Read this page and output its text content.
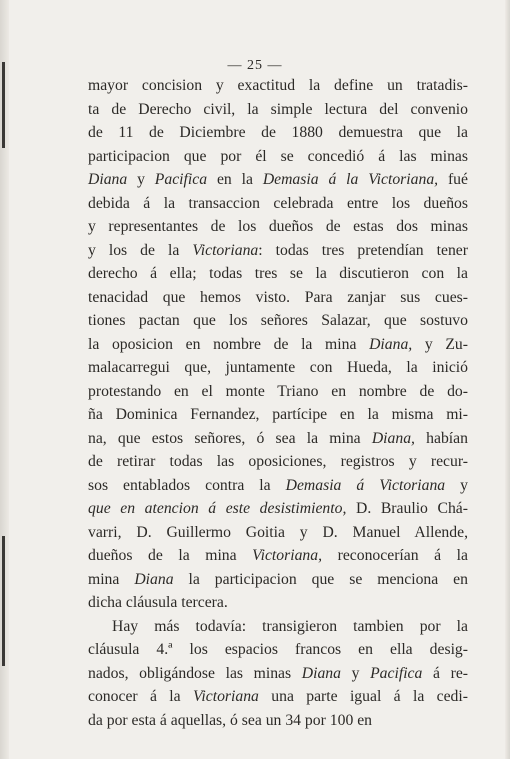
— 25 —
mayor concision y exactitud la define un tratadis-
ta de Derecho civil, la simple lectura del convenio
de 11 de Diciembre de 1880 demuestra que la
participacion que por él se concedió á las minas
Diana y Pacifica en la Demasia á la Victoriana, fué
debida á la transaccion celebrada entre los dueños
y representantes de los dueños de estas dos minas
y los de la Victoriana: todas tres pretendían tener
derecho á ella; todas tres se la discutieron con la
tenacidad que hemos visto. Para zanjar sus cues-
tiones pactan que los señores Salazar, que sostuvo
la oposicion en nombre de la mina Diana, y Zu-
malacarregui que, juntamente con Hueda, la inició
protestando en el monte Triano en nombre de do-
ña Dominica Fernandez, partícipe en la misma mi-
na, que estos señores, ó sea la mina Diana, habían
de retirar todas las oposiciones, registros y recur-
sos entablados contra la Demasia á Victoriana y
que en atencion á este desistimiento, D. Braulio Chá-
varri, D. Guillermo Goitia y D. Manuel Allende,
dueños de la mina Victoriana, reconocerían á la
mina Diana la participacion que se menciona en
dicha cláusula tercera.
Hay más todavía: transigieron tambien por la
cláusula 4.ª los espacios francos en ella desig-
nados, obligándose las minas Diana y Pacifica á re-
conocer á la Victoriana una parte igual á la cedi-
da por esta á aquellas, ó sea un 34 por 100 en
